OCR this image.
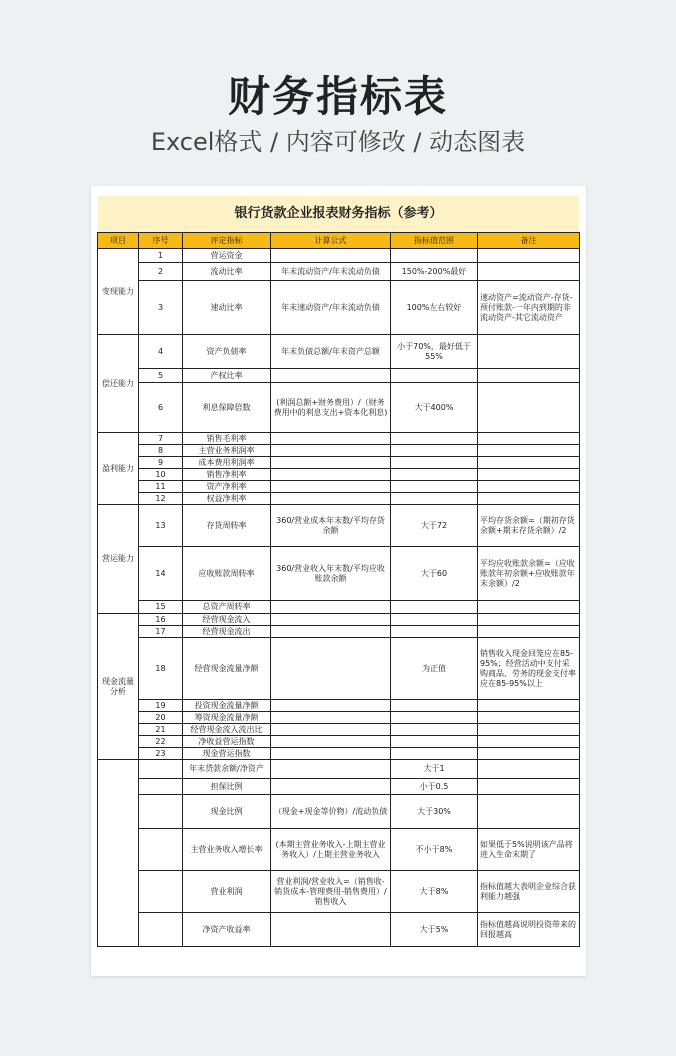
财务指标表
Excel格式 / 内容可修改 / 动态图表
银行货款企业报表财务指标（参考）
项目	序号	评定指标	计算公式	指标值范围	备注
变现能力	1	营运资金			
	2	流动比率	年末流动资产/年末流动负债	150%-200%最好	
	3	速动比率	年末速动资产/年末流动负债	100%左右较好	速动资产=流动资产-存货-预付账款-一年内到期的非流动资产-其它流动资产
偿还能力	4	资产负债率	年末负债总额/年末资产总额	小于70%，最好低于55%	
	5	产权比率			
	6	利息保障倍数	(利润总额+财务费用）/（财务费用中的利息支出+资本化利息)	大于400%	
盈利能力	7	销售毛利率			
	8	主营业务利润率			
	9	成本费用利润率			
	10	销售净利率			
	11	资产净利率			
	12	权益净利率			
营运能力	13	存货周转率	360/营业成本年末数/平均存货余额	大于72	平均存货余额=（期初存货余额+期末存货余额）/2
	14	应收账款周转率	360/营业收入年末数/平均应收账款余额	大于60	平均应收账款余额=（应收账款年初余额+应收账款年末余额）/2
	15	总资产周转率			
现金流量分析	16	经营现金流入			
	17	经营现金流出			
	18	经营现金流量净额		为正值	销售收入现金回笼应在85-95%；经营活动中支付采购商品、劳务的现金支付率应在85-95%以上
	19	投资现金流量净额			
	20	筹资现金流量净额			
	21	经营现金流入流出比			
	22	净收益营运指数			
	23	现金营运指数			
		年末贷款余额/净资产		大于1	
		担保比例		小于0.5	
		现金比例	（现金+现金等价物）/流动负债	大于30%	
		主营业务收入增长率	(本期主营业务收入-上期主营业务收入）/上期主营业务收入	不小于8%	如果低于5%说明该产品将进入生命末期了
		营业利润	营业利润/营业收入=（销售收-销货成本-管理费用-销售费用）/销售收入	大于8%	指标值越大表明企业综合获利能力越强
		净资产收益率		大于5%	指标值越高说明投资带来的回报越高
